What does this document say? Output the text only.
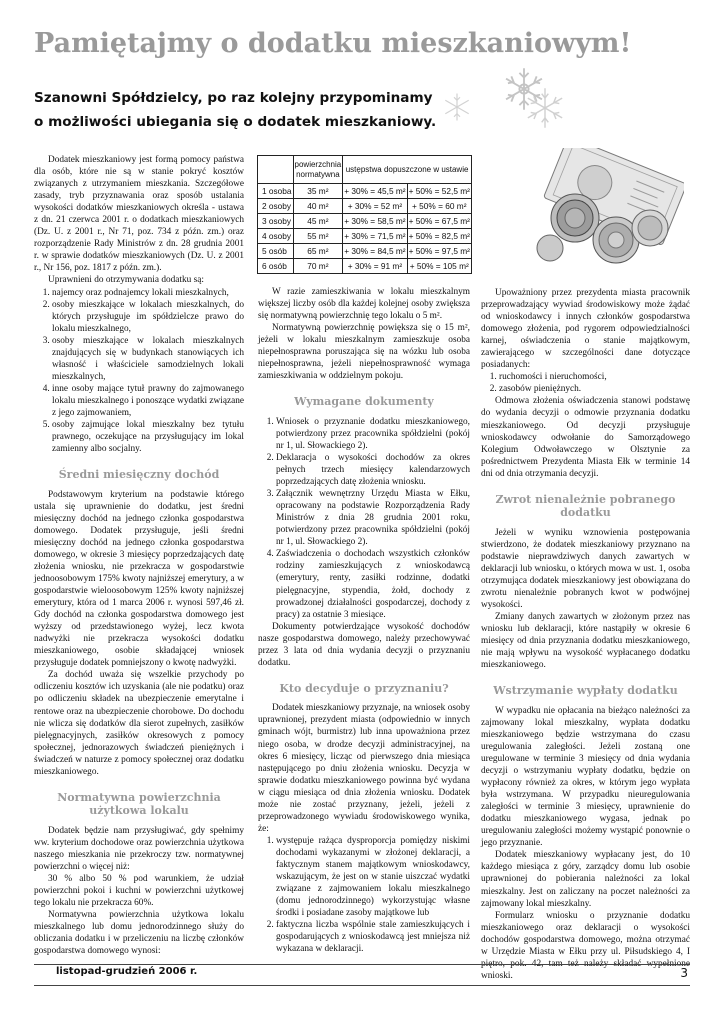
Pamiętajmy o dodatku mieszkaniowym!
Szanowni Spółdzielcy, po raz kolejny przypominamy
o możliwości ubiegania się o dodatek mieszkaniowy.

Dodatek mieszkaniowy jest formą pomocy państwa dla osób, które nie są w stanie pokryć kosztów związanych z utrzymaniem mieszkania. Szczegółowe zasady, tryb przyznawania oraz sposób ustalania wysokości dodatków mieszkaniowych określa - ustawa z dn. 21 czerwca 2001 r. o dodatkach mieszkaniowych (Dz. U. z 2001 r., Nr 71, poz. 734 z późn. zm.) oraz rozporządzenie Rady Ministrów z dn. 28 grudnia 2001 r. w sprawie dodatków mieszkaniowych (Dz. U. z 2001 r., Nr 156, poz. 1817 z późn. zm.).

Uprawnieni do otrzymywania dodatku są:

1. najemcy oraz podnajemcy lokali mieszkalnych,
2. osoby mieszkające w lokalach mieszkalnych, do których przysługuje im spółdzielcze prawo do lokalu mieszkalnego,
3. osoby mieszkające w lokalach mieszkalnych znajdujących się w budynkach stanowiących ich własność i właściciele samodzielnych lokali mieszkalnych,
4. inne osoby mające tytuł prawny do zajmowanego lokalu mieszkalnego i ponoszące wydatki związane z jego zajmowaniem,
5. osoby zajmujące lokal mieszkalny bez tytułu prawnego, oczekujące na przysługujący im lokal zamienny albo socjalny.
Średni miesięczny dochód

Podstawowym kryterium na podstawie którego ustala się uprawnienie do dodatku, jest średni miesięczny dochód na jednego członka gospodarstwa domowego. Dodatek przysługuje, jeśli średni miesięczny dochód na jednego członka gospodarstwa domowego, w okresie 3 miesięcy poprzedzających datę złożenia wniosku, nie przekracza w gospodarstwie jednoosobowym 175% kwoty najniższej emerytury, a w gospodarstwie wieloosobowym 125% kwoty najniższej emerytury, która od 1 marca 2006 r. wynosi 597,46 zł. Gdy dochód na członka gospodarstwa domowego jest wyższy od przedstawionego wyżej, lecz kwota nadwyżki nie przekracza wysokości dodatku mieszkaniowego, osobie składającej wniosek przysługuje dodatek pomniejszony o kwotę nadwyżki.

Za dochód uważa się wszelkie przychody po odliczeniu kosztów ich uzyskania (ale nie podatku) oraz po odliczeniu składek na ubezpieczenie emerytalne i rentowe oraz na ubezpieczenie chorobowe. Do dochodu nie wlicza się dodatków dla sierot zupełnych, zasiłków pielęgnacyjnych, zasiłków okresowych z pomocy społecznej, jednorazowych świadczeń pieniężnych i świadczeń w naturze z pomocy społecznej oraz dodatku mieszkaniowego.

Normatywna powierzchnia użytkowa lokalu

Dodatek będzie nam przysługiwać, gdy spełnimy ww. kryterium dochodowe oraz powierzchnia użytkowa naszego mieszkania nie przekroczy tzw. normatywnej powierzchni o więcej niż:

30 % albo 50 % pod warunkiem, że udział powierzchni pokoi i kuchni w powierzchni użytkowej tego lokalu nie przekracza 60%.

Normatywna powierzchnia użytkowa lokalu mieszkalnego lub domu jednorodzinnego służy do obliczania dodatku i w przeliczeniu na liczbę członków gospodarstwa domowego wynosi:

	powierzchnia normatywna	ustępstwa dopuszczone w ustawie	
1 osoba	35 m²	+ 30% = 45,5 m²	+ 50% = 52,5 m²
2 osoby	40 m²	+ 30% = 52 m²	+ 50% = 60 m²
3 osoby	45 m²	+ 30% = 58,5 m²	+ 50% = 67,5 m²
4 osoby	55 m²	+ 30% = 71,5 m²	+ 50% = 82,5 m²
5 osób	65 m²	+ 30% = 84,5 m²	+ 50% = 97,5 m²
6 osób	70 m²	+ 30% = 91 m²	+ 50% = 105 m²

W razie zamieszkiwania w lokalu mieszkalnym większej liczby osób dla każdej kolejnej osoby zwiększa się normatywną powierzchnię tego lokalu o 5 m².

Normatywną powierzchnię powiększa się o 15 m², jeżeli w lokalu mieszkalnym zamieszkuje osoba niepełnosprawna poruszająca się na wózku lub osoba niepełnosprawna, jeżeli niepełnosprawność wymaga zamieszkiwania w oddzielnym pokoju.

Wymagane dokumenty
1. Wniosek o przyznanie dodatku mieszkaniowego, potwierdzony przez pracownika spółdzielni (pokój nr 1, ul. Słowackiego 2).
2. Deklaracja o wysokości dochodów za okres pełnych trzech miesięcy kalendarzowych poprzedzających datę złożenia wniosku.
3. Załącznik wewnętrzny Urzędu Miasta w Ełku, opracowany na podstawie Rozporządzenia Rady Ministrów z dnia 28 grudnia 2001 roku, potwierdzony przez pracownika spółdzielni (pokój nr 1, ul. Słowackiego 2).
4. Zaświadczenia o dochodach wszystkich członków rodziny zamieszkujących z wnioskodawcą (emerytury, renty, zasiłki rodzinne, dodatki pielęgnacyjne, stypendia, żołd, dochody z prowadzonej działalności gospodarczej, dochody z pracy) za ostatnie 3 miesiące.

Dokumenty potwierdzające wysokość dochodów nasze gospodarstwa domowego, należy przechowywać przez 3 lata od dnia wydania decyzji o przyznaniu dodatku.

Kto decyduje o przyznaniu?

Dodatek mieszkaniowy przyznaje, na wniosek osoby uprawnionej, prezydent miasta (odpowiednio w innych gminach wójt, burmistrz) lub inna upoważniona przez niego osoba, w drodze decyzji administracyjnej, na okres 6 miesięcy, licząc od pierwszego dnia miesiąca następującego po dniu złożenia wniosku. Decyzja w sprawie dodatku mieszkaniowego powinna być wydana w ciągu miesiąca od dnia złożenia wniosku. Dodatek może nie zostać przyznany, jeżeli, jeżeli z przeprowadzonego wywiadu środowiskowego wynika, że:

1. występuje rażąca dysproporcja pomiędzy niskimi dochodami wykazanymi w złożonej deklaracji, a faktycznym stanem majątkowym wnioskodawcy, wskazującym, że jest on w stanie uiszczać wydatki związane z zajmowaniem lokalu mieszkalnego (domu jednorodzinnego) wykorzystując własne środki i posiadane zasoby majątkowe lub
2. faktyczna liczba wspólnie stale zamieszkujących i gospodarujących z wnioskodawcą jest mniejsza niż wykazana w deklaracji.

Upoważniony przez prezydenta miasta pracownik przeprowadzający wywiad środowiskowy może żądać od wnioskodawcy i innych członków gospodarstwa domowego złożenia, pod rygorem odpowiedzialności karnej, oświadczenia o stanie majątkowym, zawierającego w szczególności dane dotyczące posiadanych:

1. ruchomości i nieruchomości,
2. zasobów pieniężnych.

Odmowa złożenia oświadczenia stanowi podstawę do wydania decyzji o odmowie przyznania dodatku mieszkaniowego. Od decyzji przysługuje wnioskodawcy odwołanie do Samorządowego Kolegium Odwoławczego w Olsztynie za pośrednictwem Prezydenta Miasta Ełk w terminie 14 dni od dnia otrzymania decyzji.

Zwrot nienależnie pobranego dodatku

Jeżeli w wyniku wznowienia postępowania stwierdzono, że dodatek mieszkaniowy przyznano na podstawie nieprawdziwych danych zawartych w deklaracji lub wniosku, o których mowa w ust. 1, osoba otrzymująca dodatek mieszkaniowy jest obowiązana do zwrotu nienależnie pobranych kwot w podwójnej wysokości.

Zmiany danych zawartych w złożonym przez nas wniosku lub deklaracji, które nastąpiły w okresie 6 miesięcy od dnia przyznania dodatku mieszkaniowego, nie mają wpływu na wysokość wypłacanego dodatku mieszkaniowego.

Wstrzymanie wypłaty dodatku

W wypadku nie opłacania na bieżąco należności za zajmowany lokal mieszkalny, wypłata dodatku mieszkaniowego będzie wstrzymana do czasu uregulowania zaległości. Jeżeli zostaną one uregulowane w terminie 3 miesięcy od dnia wydania decyzji o wstrzymaniu wypłaty dodatku, będzie on wypłacony również za okres, w którym jego wypłata była wstrzymana. W przypadku nieuregulowania zaległości w terminie 3 miesięcy, uprawnienie do dodatku mieszkaniowego wygasa, jednak po uregulowaniu zaległości możemy wystąpić ponownie o jego przyznanie.

Dodatek mieszkaniowy wypłacany jest, do 10 każdego miesiąca z góry, zarządcy domu lub osobie uprawnionej do pobierania należności za lokal mieszkalny. Jest on zaliczany na poczet należności za zajmowany lokal mieszkalny.

Formularz wniosku o przyznanie dodatku mieszkaniowego oraz deklaracji o wysokości dochodów gospodarstwa domowego, można otrzymać w Urzędzie Miasta w Ełku przy ul. Piłsudskiego 4, I piętro, pok. 42, tam też należy składać wypełnione wnioski.

listopad-grudzień 2006 r.	3
